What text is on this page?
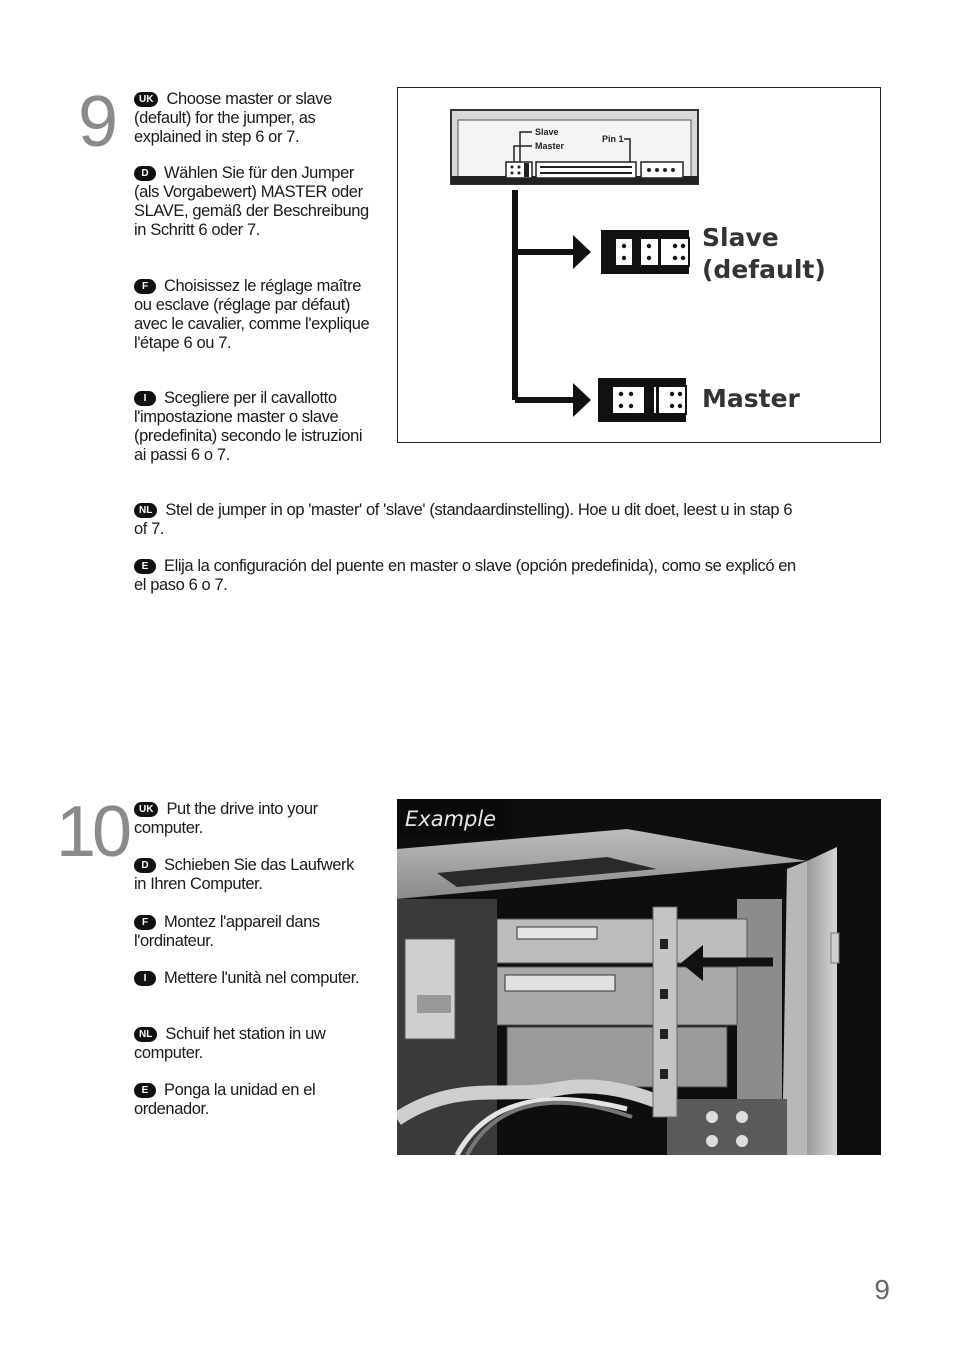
9	UK Choose master or slave (default) for the jumper, as explained in step 6 or 7.
D Wählen Sie für den Jumper (als Vorgabewert) MASTER oder SLAVE, gemäß der Beschreibung in Schritt 6 oder 7.
F Choisissez le réglage maître ou esclave (réglage par défaut) avec le cavalier, comme l'explique l'étape 6 ou 7.
I Scegliere per il cavallotto l'impostazione master o slave (predefinita) secondo le istruzioni ai passi 6 o 7.
NL Stel de jumper in op 'master' of 'slave' (standaardinstelling). Hoe u dit doet, leest u in stap 6 of 7.
E Elija la configuración del puente en master o slave (opción predefinida), como se explicó en el paso 6 o 7.
Slave
Master
Pin 1
Slave
(default)
Master
10	UK Put the drive into your computer.
D Schieben Sie das Laufwerk in Ihren Computer.
F Montez l'appareil dans l'ordinateur.
I Mettere l'unità nel computer.
NL Schuif het station in uw computer.
E Ponga la unidad en el ordenador.
Example
9
